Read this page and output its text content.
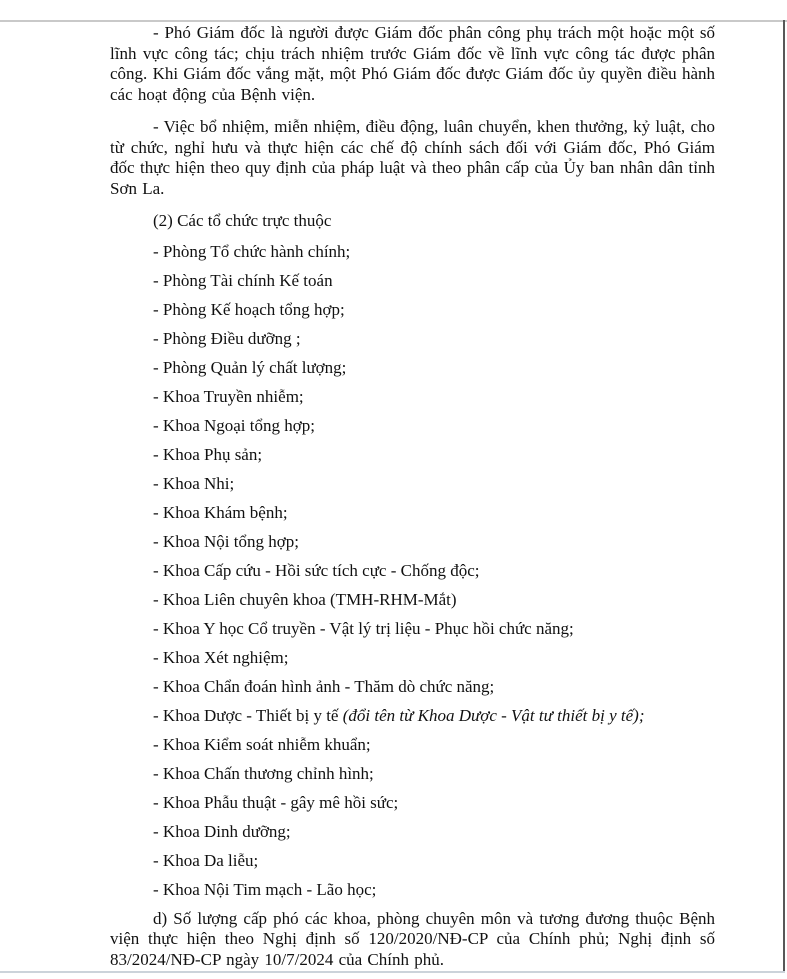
- Phó Giám đốc là người được Giám đốc phân công phụ trách một hoặc một số lĩnh vực công tác; chịu trách nhiệm trước Giám đốc về lĩnh vực công tác được phân công. Khi Giám đốc vắng mặt, một Phó Giám đốc được Giám đốc ủy quyền điều hành các hoạt động của Bệnh viện.

- Việc bổ nhiệm, miễn nhiệm, điều động, luân chuyển, khen thưởng, kỷ luật, cho từ chức, nghỉ hưu và thực hiện các chế độ chính sách đối với Giám đốc, Phó Giám đốc thực hiện theo quy định của pháp luật và theo phân cấp của Ủy ban nhân dân tỉnh Sơn La.

(2) Các tổ chức trực thuộc

- Phòng Tổ chức hành chính;

- Phòng Tài chính Kế toán

- Phòng Kế hoạch tổng hợp;

- Phòng Điều dưỡng ;

- Phòng Quản lý chất lượng;

- Khoa Truyền nhiễm;

- Khoa Ngoại tổng hợp;

- Khoa Phụ sản;

- Khoa Nhi;

- Khoa Khám bệnh;

- Khoa Nội tổng hợp;

- Khoa Cấp cứu - Hồi sức tích cực - Chống độc;

- Khoa Liên chuyên khoa (TMH-RHM-Mắt)

- Khoa Y học Cổ truyền - Vật lý trị liệu - Phục hồi chức năng;

- Khoa Xét nghiệm;

- Khoa Chẩn đoán hình ảnh - Thăm dò chức năng;

- Khoa Dược - Thiết bị y tế (đổi tên từ Khoa Dược - Vật tư thiết bị y tế);

- Khoa Kiểm soát nhiễm khuẩn;

- Khoa Chấn thương chỉnh hình;

- Khoa Phẫu thuật - gây mê hồi sức;

- Khoa Dinh dưỡng;

- Khoa Da liễu;

- Khoa Nội Tim mạch - Lão học;

d) Số lượng cấp phó các khoa, phòng chuyên môn và tương đương thuộc Bệnh viện thực hiện theo Nghị định số 120/2020/NĐ-CP của Chính phủ; Nghị định số 83/2024/NĐ-CP ngày 10/7/2024 của Chính phủ.
